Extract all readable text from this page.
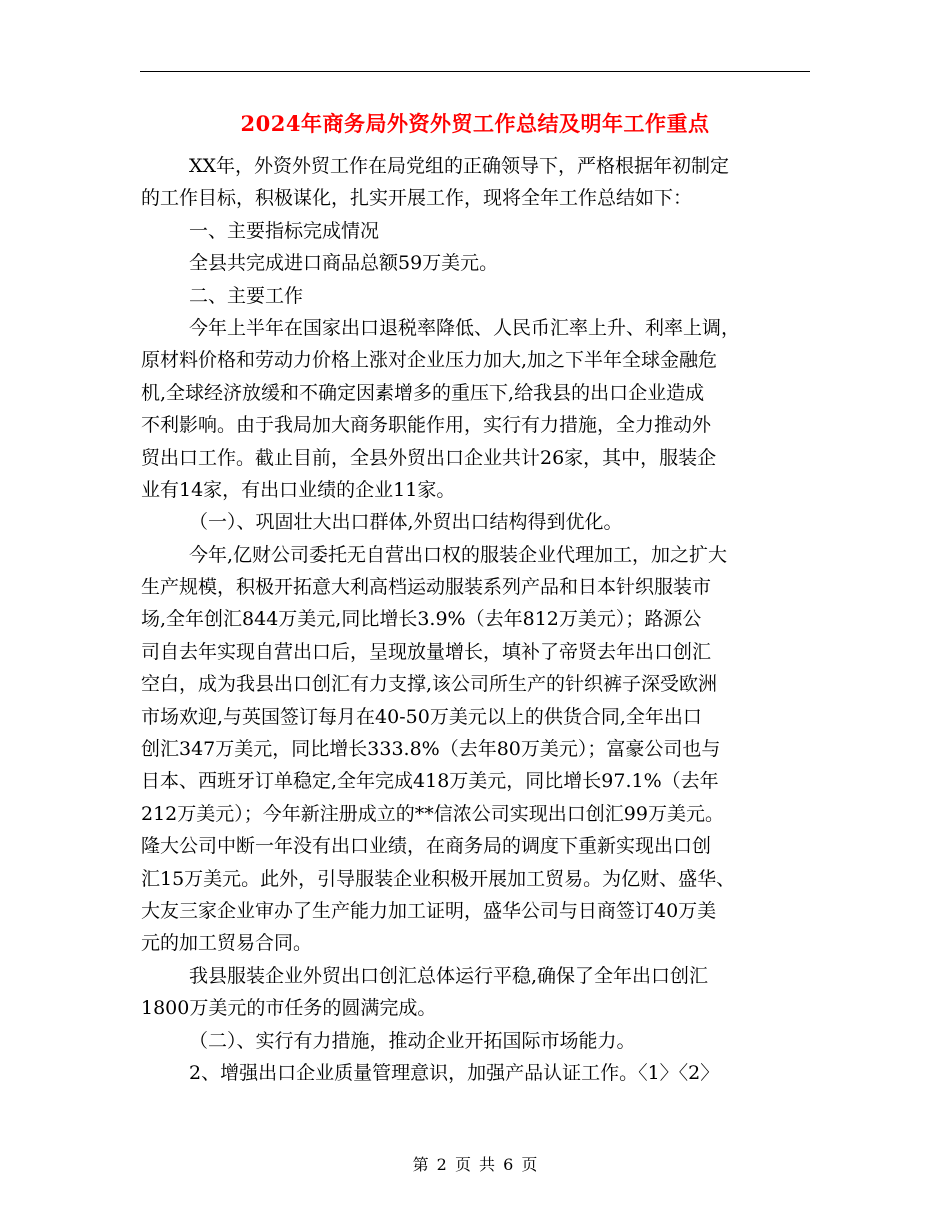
2024年商务局外资外贸工作总结及明年工作重点
XX年，外资外贸工作在局党组的正确领导下，严格根据年初制定
的工作目标，积极谋化，扎实开展工作，现将全年工作总结如下：
一、主要指标完成情况
全县共完成进口商品总额59万美元。
二、主要工作
今年上半年在国家出口退税率降低、人民币汇率上升、利率上调，
原材料价格和劳动力价格上涨对企业压力加大,加之下半年全球金融危
机,全球经济放缓和不确定因素增多的重压下,给我县的出口企业造成
不利影响。由于我局加大商务职能作用，实行有力措施，全力推动外
贸出口工作。截止目前，全县外贸出口企业共计26家，其中，服装企
业有14家，有出口业绩的企业11家。
（一）、巩固壮大出口群体,外贸出口结构得到优化。
今年,亿财公司委托无自营出口权的服装企业代理加工，加之扩大
生产规模，积极开拓意大利高档运动服装系列产品和日本针织服装市
场,全年创汇844万美元,同比增长3.9%（去年812万美元）；路源公
司自去年实现自营出口后，呈现放量增长，填补了帝贤去年出口创汇
空白，成为我县出口创汇有力支撑,该公司所生产的针织裤子深受欧洲
市场欢迎,与英国签订每月在40-50万美元以上的供货合同,全年出口
创汇347万美元，同比增长333.8%（去年80万美元）；富豪公司也与
日本、西班牙订单稳定,全年完成418万美元，同比增长97.1%（去年
212万美元）；今年新注册成立的**信浓公司实现出口创汇99万美元。
隆大公司中断一年没有出口业绩，在商务局的调度下重新实现出口创
汇15万美元。此外，引导服装企业积极开展加工贸易。为亿财、盛华、
大友三家企业审办了生产能力加工证明，盛华公司与日商签订40万美
元的加工贸易合同。
我县服装企业外贸出口创汇总体运行平稳,确保了全年出口创汇
1800万美元的市任务的圆满完成。
（二）、实行有力措施，推动企业开拓国际市场能力。
2、增强出口企业质量管理意识，加强产品认证工作。〈1〉〈2〉
第 2 页 共 6 页
